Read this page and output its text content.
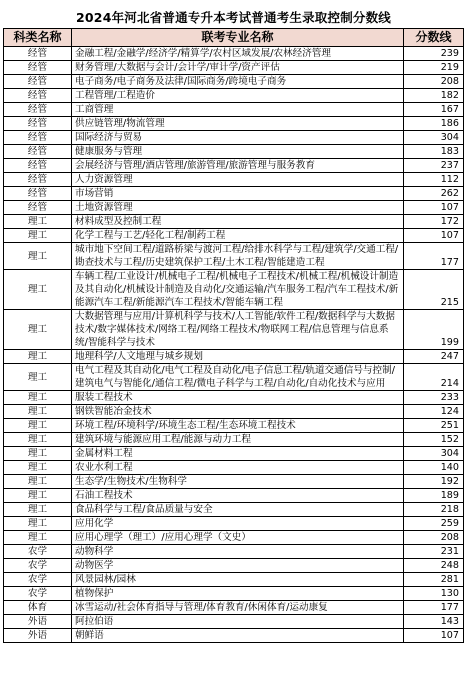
2024年河北省普通专升本考试普通考生录取控制分数线
科类名称	联考专业名称	分数线
经管	金融工程/金融学/经济学/精算学/农村区域发展/农林经济管理	239
经管	财务管理/大数据与会计/会计学/审计学/资产评估	219
经管	电子商务/电子商务及法律/国际商务/跨境电子商务	208
经管	工程管理/工程造价	182
经管	工商管理	167
经管	供应链管理/物流管理	186
经管	国际经济与贸易	304
经管	健康服务与管理	183
经管	会展经济与管理/酒店管理/旅游管理/旅游管理与服务教育	237
经管	人力资源管理	112
经管	市场营销	262
经管	土地资源管理	107
理工	材料成型及控制工程	172
理工	化学工程与工艺/轻化工程/制药工程	107
理工	城市地下空间工程/道路桥梁与渡河工程/给排水科学与工程/建筑学/交通工程/勘查技术与工程/历史建筑保护工程/土木工程/智能建造工程	177
理工	车辆工程/工业设计/机械电子工程/机械电子工程技术/机械工程/机械设计制造及其自动化/机械设计制造及自动化/交通运输/汽车服务工程/汽车工程技术/新能源汽车工程/新能源汽车工程技术/智能车辆工程	215
理工	大数据管理与应用/计算机科学与技术/人工智能/软件工程/数据科学与大数据技术/数字媒体技术/网络工程/网络工程技术/物联网工程/信息管理与信息系统/智能科学与技术	199
理工	地理科学/人文地理与城乡规划	247
理工	电气工程及其自动化/电气工程及自动化/电子信息工程/轨道交通信号与控制/建筑电气与智能化/通信工程/微电子科学与工程/自动化/自动化技术与应用	214
理工	服装工程技术	233
理工	钢铁智能冶金技术	124
理工	环境工程/环境科学/环境生态工程/生态环境工程技术	251
理工	建筑环境与能源应用工程/能源与动力工程	152
理工	金属材料工程	304
理工	农业水利工程	140
理工	生态学/生物技术/生物科学	192
理工	石油工程技术	189
理工	食品科学与工程/食品质量与安全	218
理工	应用化学	259
理工	应用心理学（理工）/应用心理学（文史）	208
农学	动物科学	231
农学	动物医学	248
农学	风景园林/园林	281
农学	植物保护	130
体育	冰雪运动/社会体育指导与管理/体育教育/休闲体育/运动康复	177
外语	阿拉伯语	143
外语	朝鲜语	107
